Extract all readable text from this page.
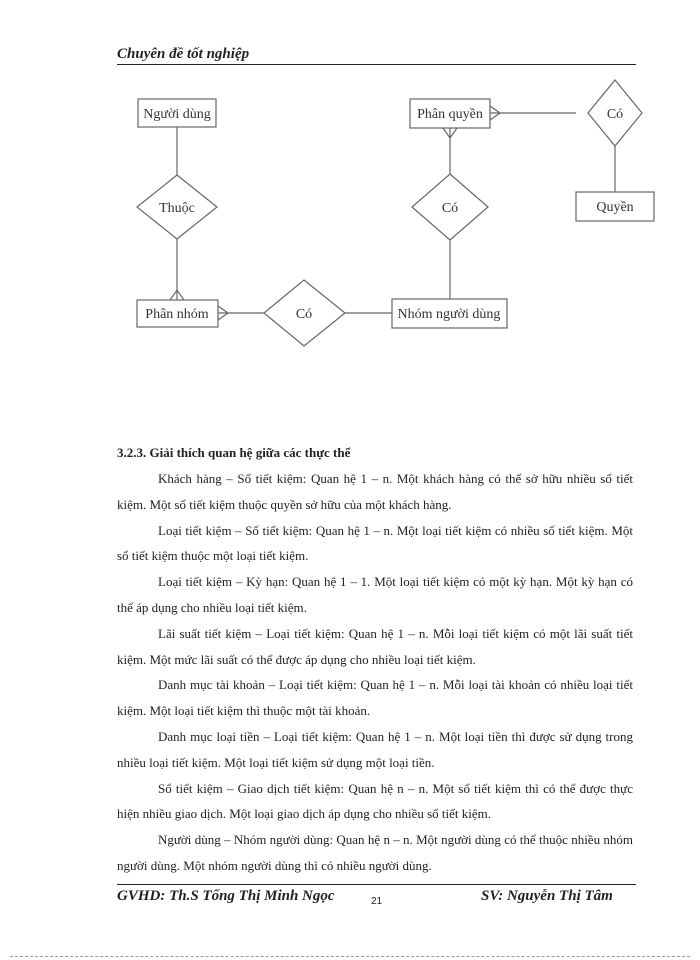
Chuyên đề tốt nghiệp
Người dùng	Phân quyền
Quyền
Phân nhóm	Nhóm người dùng
Thuộc
Có
Có
Có
3.2.3. Giải thích quan hệ giữa các thực thể

Khách hàng – Sổ tiết kiệm: Quan hệ 1 – n. Một khách hàng có thể sở hữu nhiều sổ tiết kiệm. Một sổ tiết kiệm thuộc quyền sở hữu của một khách hàng.

Loại tiết kiệm – Sổ tiết kiệm: Quan hệ 1 – n. Một loại tiết kiệm có nhiều sổ tiết kiệm. Một sổ tiết kiệm thuộc một loại tiết kiệm.

Loại tiết kiệm – Kỳ hạn: Quan hệ 1 – 1. Một loại tiết kiệm có một kỳ hạn. Một kỳ hạn có thể áp dụng cho nhiều loại tiết kiệm.

Lãi suất tiết kiệm – Loại tiết kiệm: Quan hệ 1 – n. Mỗi loại tiết kiệm có một lãi suất tiết kiệm. Một mức lãi suất có thể được áp dụng cho nhiều loại tiết kiệm.

Danh mục tài khoản – Loại tiết kiệm: Quan hệ 1 – n. Mỗi loại tài khoản có nhiều loại tiết kiệm. Một loại tiết kiệm thì thuộc một tài khoản.

Danh mục loại tiền – Loại tiết kiệm: Quan hệ 1 – n. Một loại tiền thì được sử dụng trong nhiều loại tiết kiệm. Một loại tiết kiệm sử dụng một loại tiền.

Sổ tiết kiệm – Giao dịch tiết kiệm: Quan hệ n – n. Một sổ tiết kiệm thì có thể được thực hiện nhiều giao dịch. Một loại giao dịch áp dụng cho nhiều sổ tiết kiệm.

Người dùng – Nhóm người dùng: Quan hệ n – n. Một người dùng có thể thuộc nhiều nhóm người dùng. Một nhóm người dùng thì có nhiều người dùng.

GVHD: Th.S Tống Thị Minh Ngọc	21	SV: Nguyễn Thị Tâm
